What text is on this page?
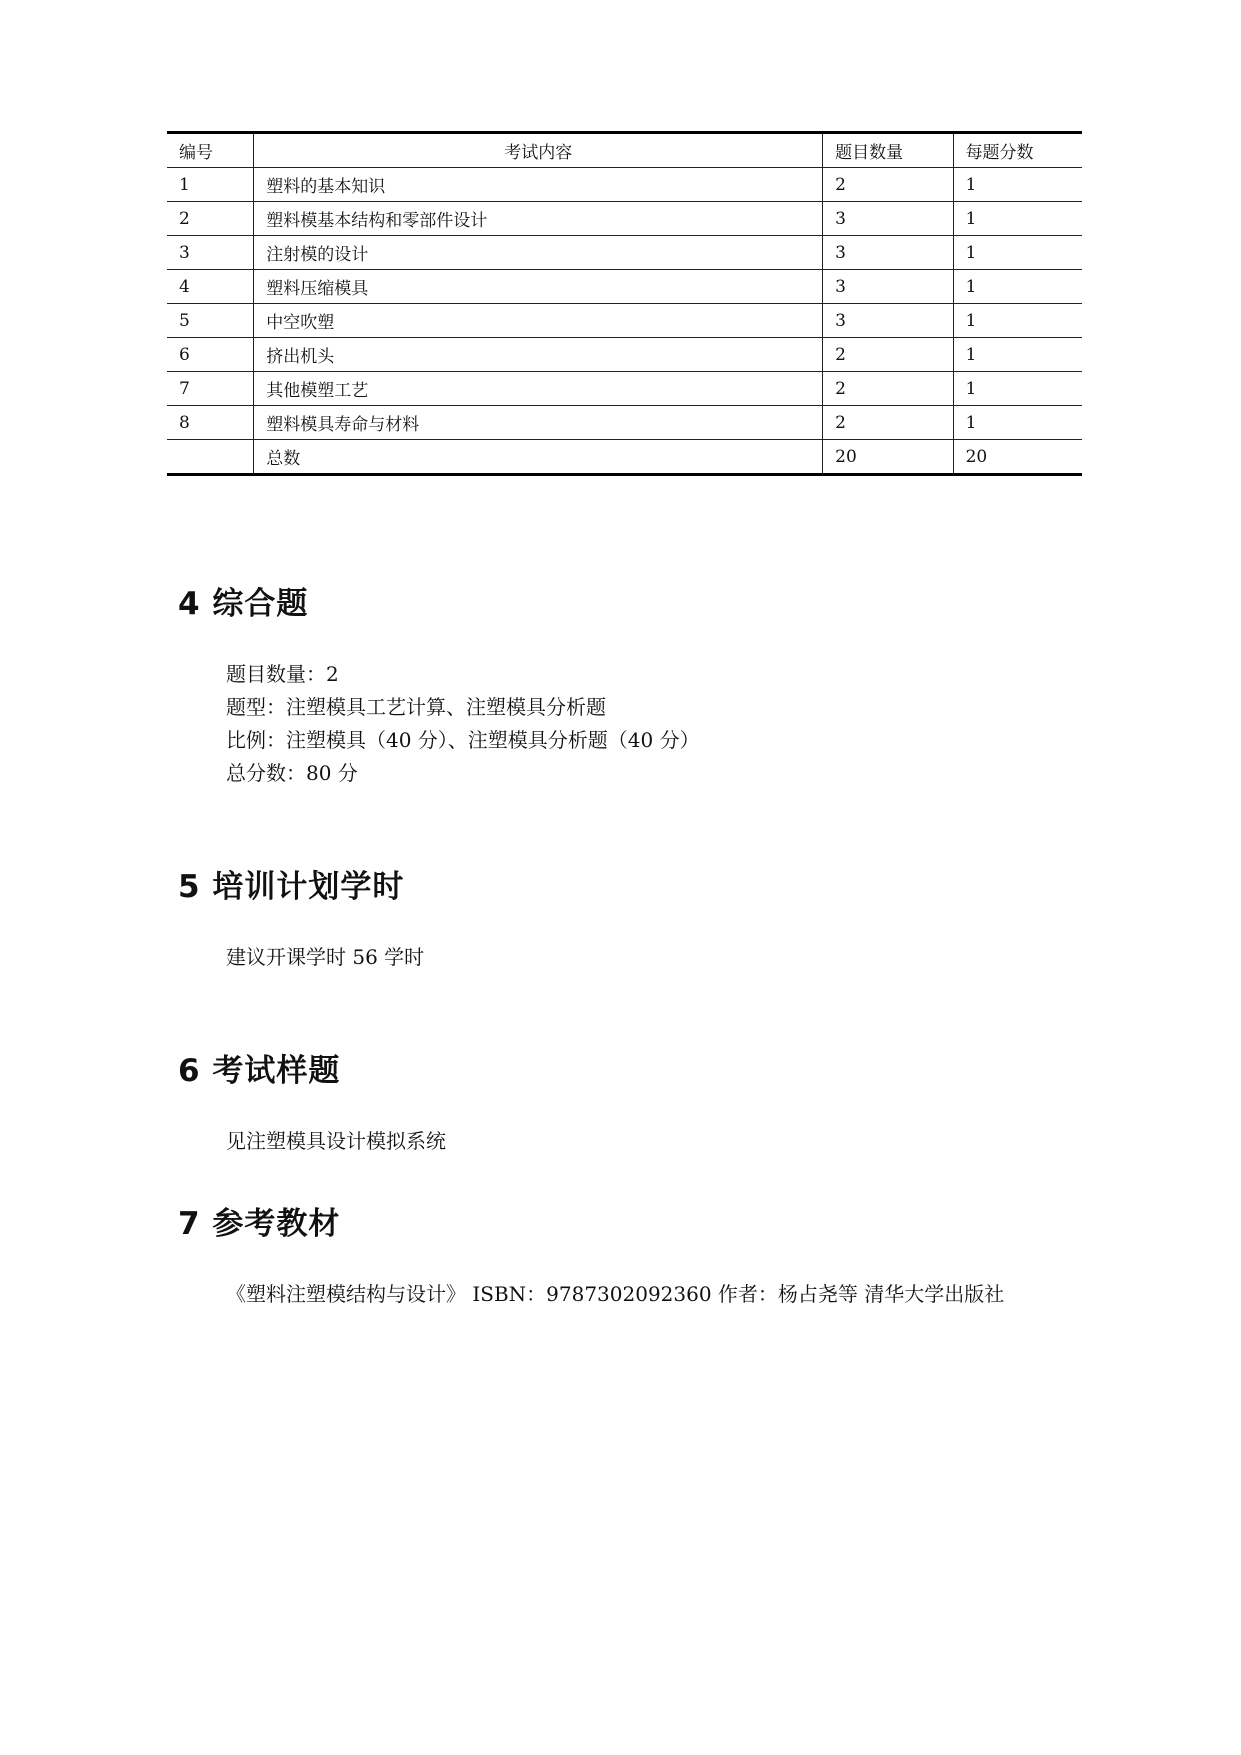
编号	考试内容	题目数量	每题分数
1	塑料的基本知识	2	1
2	塑料模基本结构和零部件设计	3	1
3	注射模的设计	3	1
4	塑料压缩模具	3	1
5	中空吹塑	3	1
6	挤出机头	2	1
7	其他模塑工艺	2	1
8	塑料模具寿命与材料	2	1
	总数	20	20
4 综合题

题目数量：2

题型：注塑模具工艺计算、注塑模具分析题

比例：注塑模具（40 分）、注塑模具分析题（40 分）

总分数：80 分

5 培训计划学时

建议开课学时 56 学时

6 考试样题

见注塑模具设计模拟系统

7 参考教材

《塑料注塑模结构与设计》 ISBN：9787302092360 作者：杨占尧等 清华大学出版社
